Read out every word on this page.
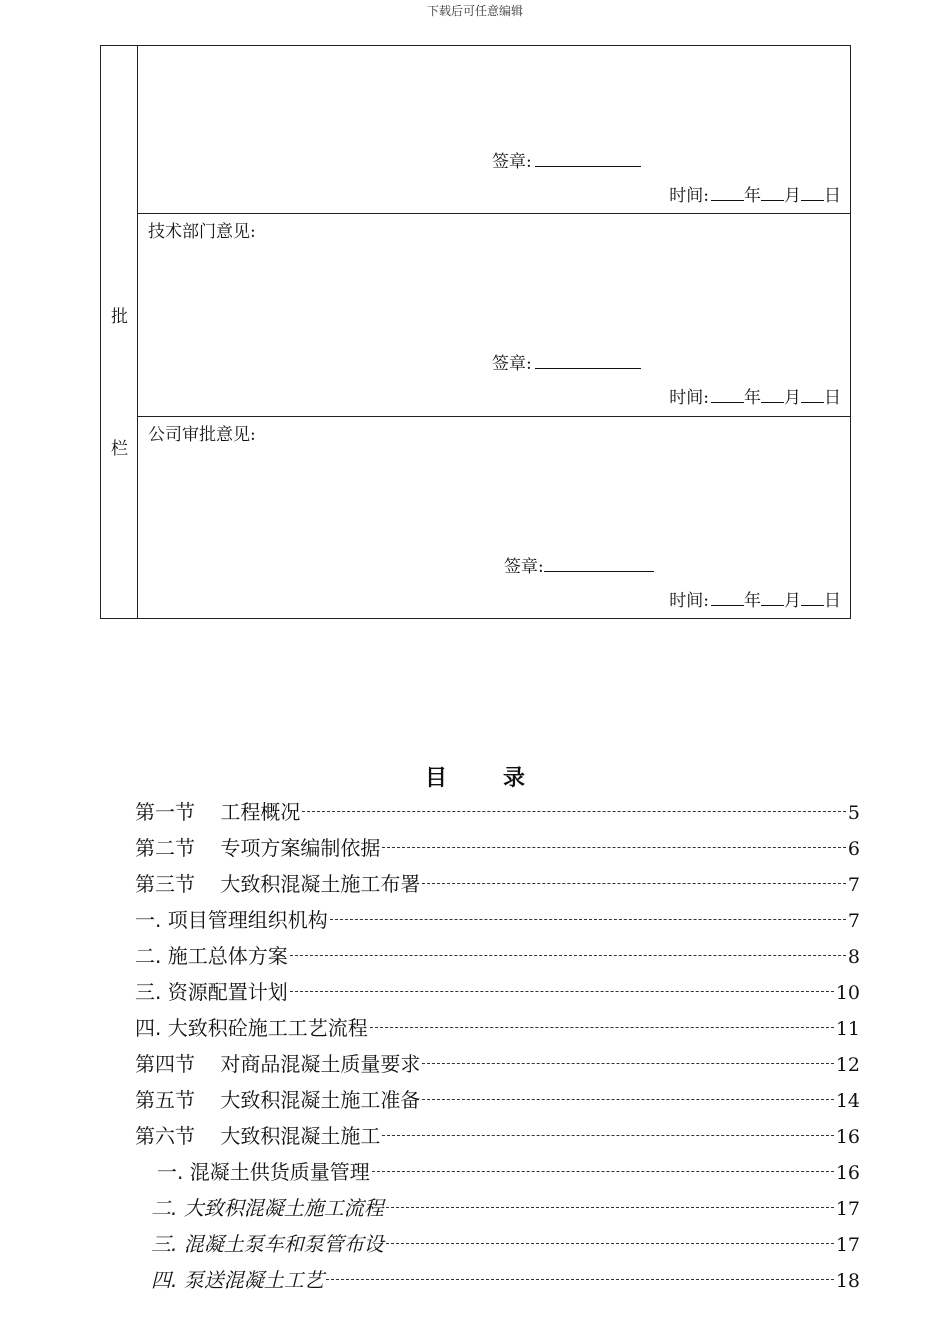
下载后可任意编辑
批
栏
签章:
时间: 年 月 日
技术部门意见:
签章:
时间: 年 月 日
公司审批意见:
签章:
时间: 年 月 日
目	录
第一节    工程概况	5
第二节    专项方案编制依据	6
第三节    大致积混凝土施工布署	7
一. 项目管理组织机构	7
二. 施工总体方案	8
三. 资源配置计划	10
四. 大致积砼施工工艺流程	11
第四节    对商品混凝土质量要求	12
第五节    大致积混凝土施工准备	14
第六节    大致积混凝土施工	16
一. 混凝土供货质量管理	16
二. 大致积混凝土施工流程	17
三. 混凝土泵车和泵管布设	17
四. 泵送混凝土工艺	18
